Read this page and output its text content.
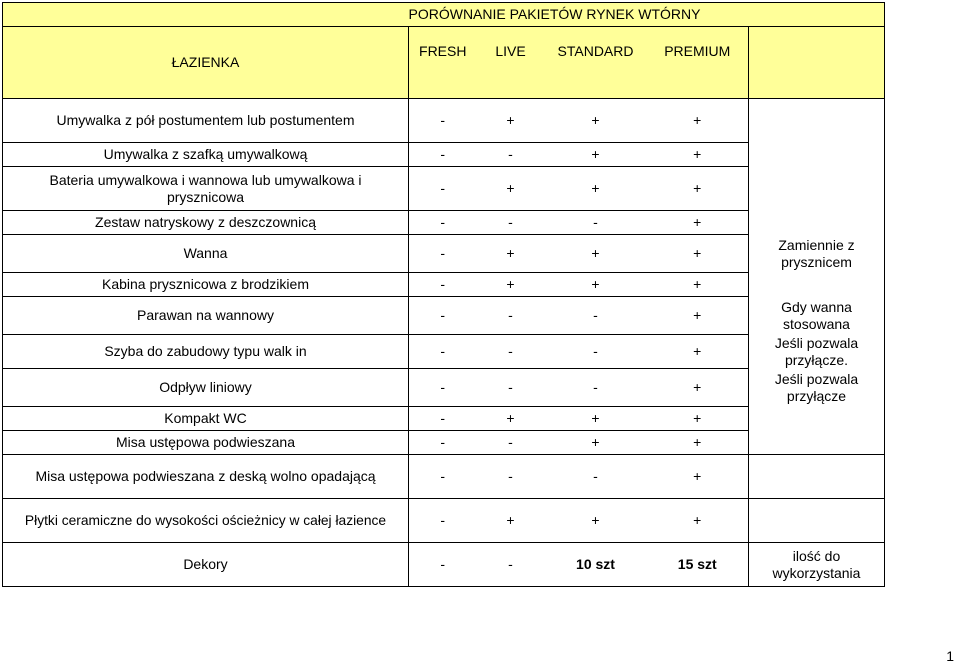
	PORÓWNANIE PAKIETÓW RYNEK WTÓRNY				
ŁAZIENKA	FRESH	LIVE	STANDARD	PREMIUM	
Umywalka z pół postumentem lub postumentem	-	+	+	+	
Umywalka z szafką umywalkową	-	-	+	+	
Bateria umywalkowa i wannowa lub umywalkowa i prysznicowa	-	+	+	+	
Zestaw natryskowy z deszczownicą	-	-	-	+	
Wanna	-	+	+	+	Zamiennie z prysznicem
Kabina prysznicowa z brodzikiem	-	+	+	+	
Parawan na wannowy	-	-	-	+	Gdy wanna stosowana
Szyba do zabudowy typu walk in	-	-	-	+	Jeśli pozwala przyłącze.
Odpływ liniowy	-	-	-	+	Jeśli pozwala przyłącze
Kompakt WC	-	+	+	+	
Misa ustępowa podwieszana	-	-	+	+	
Misa ustępowa podwieszana z deską wolno opadającą	-	-	-	+	
Płytki ceramiczne do wysokości ościeżnicy w całej łazience	-	+	+	+	
Dekory	-	-	10 szt	15 szt	ilość do wykorzystania
1
